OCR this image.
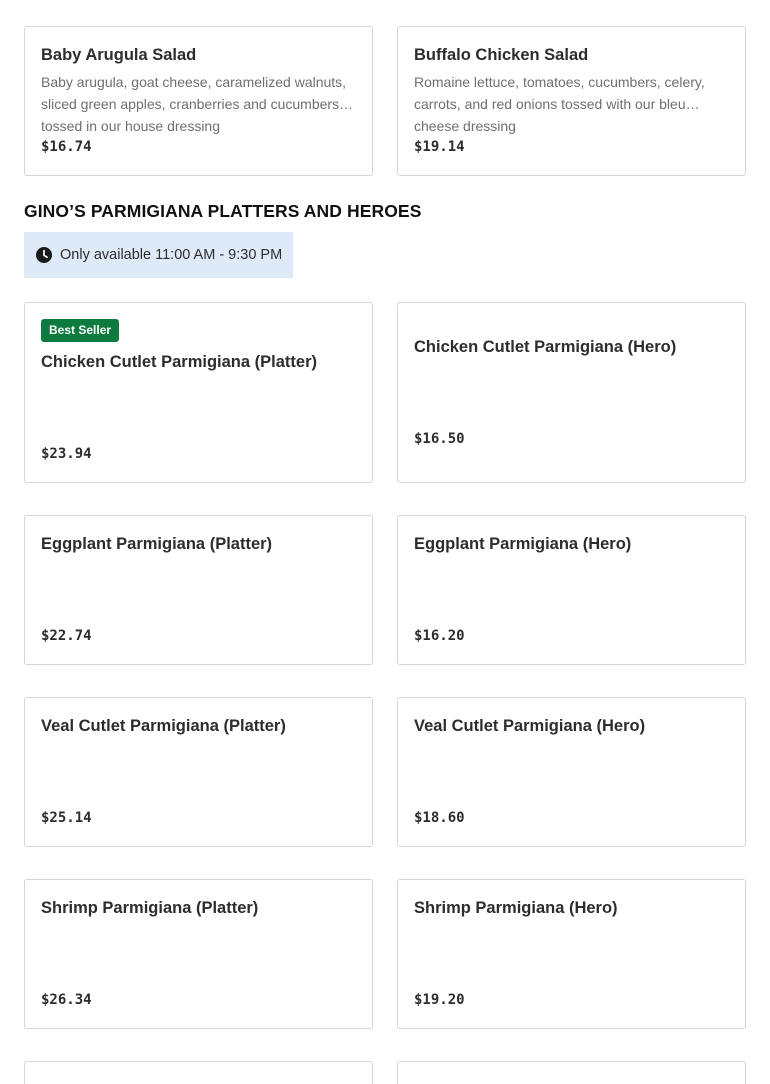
Baby Arugula Salad
Baby arugula, goat cheese, caramelized walnuts, sliced green apples, cranberries and cucumbers tossed in our house dressing
$16.74
Buffalo Chicken Salad
Romaine lettuce, tomatoes, cucumbers, celery, carrots, and red onions tossed with our bleu cheese dressing
$19.14
GINO’S PARMIGIANA PLATTERS AND HEROES
Only available 11:00 AM - 9:30 PM
Best Seller
Chicken Cutlet Parmigiana (Platter)
$23.94
Chicken Cutlet Parmigiana (Hero)
$16.50
Eggplant Parmigiana (Platter)
$22.74
Eggplant Parmigiana (Hero)
$16.20
Veal Cutlet Parmigiana (Platter)
$25.14
Veal Cutlet Parmigiana (Hero)
$18.60
Shrimp Parmigiana (Platter)
$26.34
Shrimp Parmigiana (Hero)
$19.20
